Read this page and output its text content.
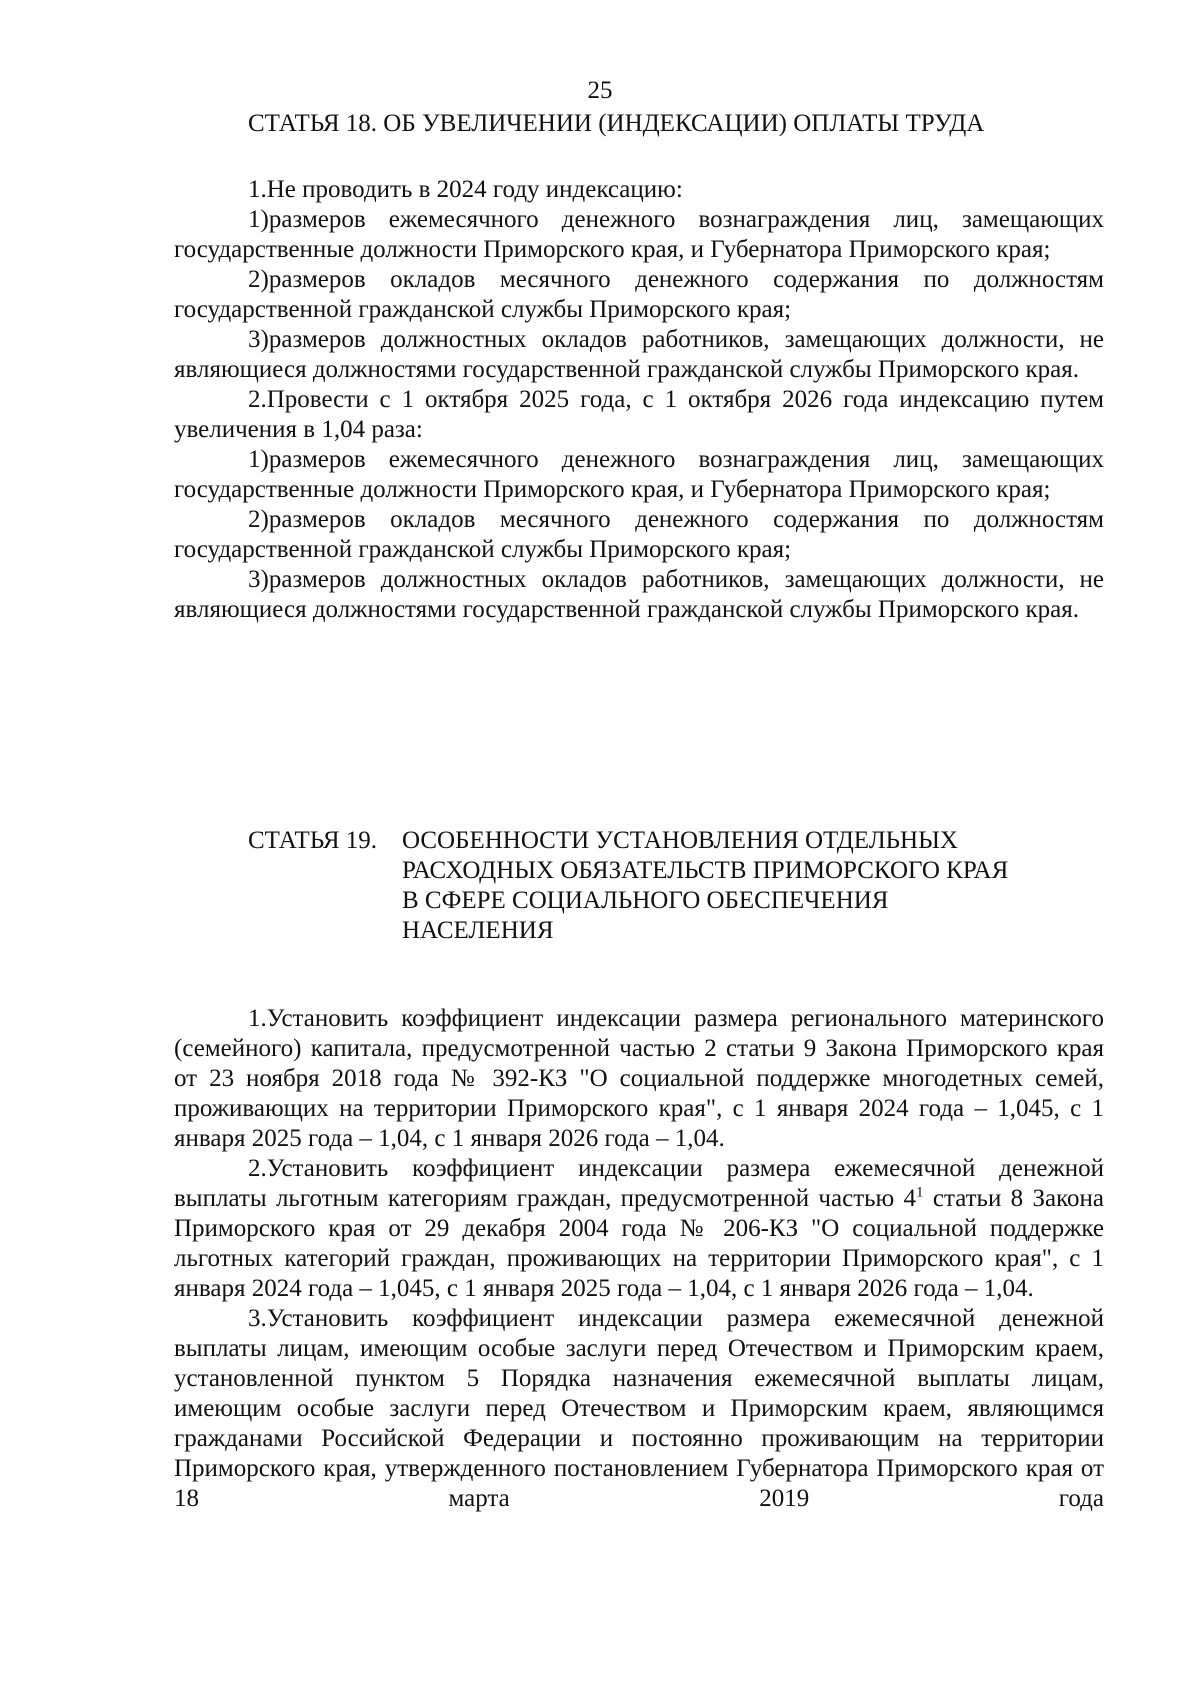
25

СТАТЬЯ 18. ОБ УВЕЛИЧЕНИИ (ИНДЕКСАЦИИ) ОПЛАТЫ ТРУДА

1.Не проводить в 2024 году индексацию:

1)размеров ежемесячного денежного вознаграждения лиц, замещающих государственные должности Приморского края, и Губернатора Приморского края;

2)размеров окладов месячного денежного содержания по должностям государственной гражданской службы Приморского края;

3)размеров должностных окладов работников, замещающих должности, не являющиеся должностями государственной гражданской службы Приморского края.

2.Провести с 1 октября 2025 года, с 1 октября 2026 года индексацию путем увеличения в 1,04 раза:

1)размеров ежемесячного денежного вознаграждения лиц, замещающих государственные должности Приморского края, и Губернатора Приморского края;

2)размеров окладов месячного денежного содержания по должностям государственной гражданской службы Приморского края;

3)размеров должностных окладов работников, замещающих должности, не являющиеся должностями государственной гражданской службы Приморского края.

СТАТЬЯ 19. ОСОБЕННОСТИ УСТАНОВЛЕНИЯ ОТДЕЛЬНЫХ
РАСХОДНЫХ ОБЯЗАТЕЛЬСТВ ПРИМОРСКОГО КРАЯ
В СФЕРЕ СОЦИАЛЬНОГО ОБЕСПЕЧЕНИЯ
НАСЕЛЕНИЯ

1.Установить коэффициент индексации размера регионального материнского (семейного) капитала, предусмотренной частью 2 статьи 9 Закона Приморского края от 23 ноября 2018 года № 392-КЗ "О социальной поддержке многодетных семей, проживающих на территории Приморского края", с 1 января 2024 года – 1,045, с 1 января 2025 года – 1,04, с 1 января 2026 года – 1,04.

2.Установить коэффициент индексации размера ежемесячной денежной выплаты льготным категориям граждан, предусмотренной частью $4^1$ статьи 8 Закона Приморского края от 29 декабря 2004 года № 206-КЗ "О социальной поддержке льготных категорий граждан, проживающих на территории Приморского края", с 1 января 2024 года – 1,045, с 1 января 2025 года – 1,04, с 1 января 2026 года – 1,04.

3.Установить коэффициент индексации размера ежемесячной денежной выплаты лицам, имеющим особые заслуги перед Отечеством и Приморским краем, установленной пунктом 5 Порядка назначения ежемесячной выплаты лицам, имеющим особые заслуги перед Отечеством и Приморским краем, являющимся гражданами Российской Федерации и постоянно проживающим на территории Приморского края, утвержденного постановлением Губернатора Приморского края от 18 марта 2019 года
